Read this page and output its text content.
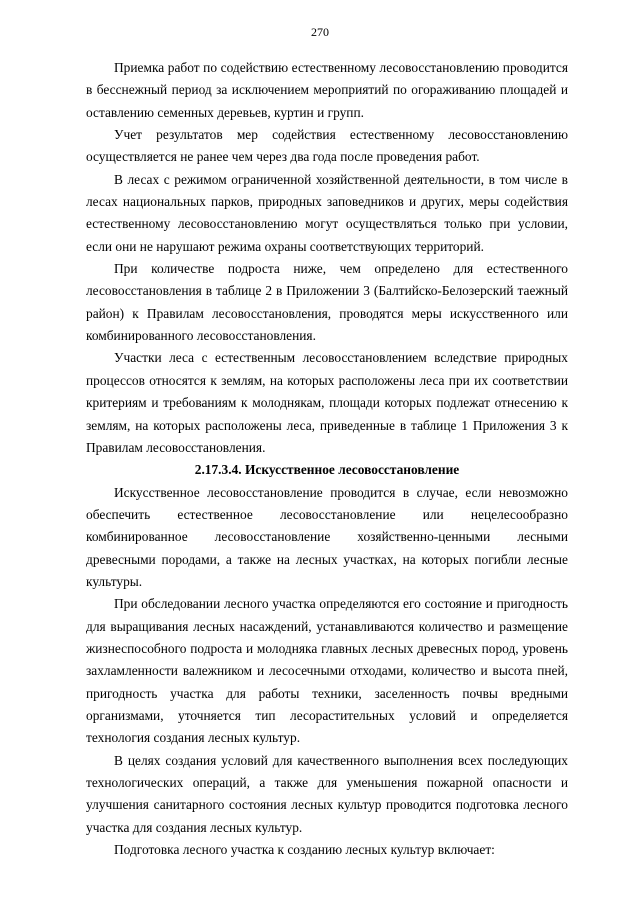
270

Приемка работ по содействию естественному лесовосстановлению проводится в бесснежный период за исключением мероприятий по огораживанию площадей и оставлению семенных деревьев, куртин и групп.

Учет результатов мер содействия естественному лесовосстановлению осуществляется не ранее чем через два года после проведения работ.

В лесах с режимом ограниченной хозяйственной деятельности, в том числе в лесах национальных парков, природных заповедников и других, меры содействия естественному лесовосстановлению могут осуществляться только при условии, если они не нарушают режима охраны соответствующих территорий.

При количестве подроста ниже, чем определено для естественного лесовосстановления в таблице 2 в Приложении 3 (Балтийско-Белозерский таежный район) к Правилам лесовосстановления, проводятся меры искусственного или комбинированного лесовосстановления.

Участки леса с естественным лесовосстановлением вследствие природных процессов относятся к землям, на которых расположены леса при их соответствии критериям и требованиям к молоднякам, площади которых подлежат отнесению к землям, на которых расположены леса, приведенные в таблице 1 Приложения 3 к Правилам лесовосстановления.

2.17.3.4. Искусственное лесовосстановление

Искусственное лесовосстановление проводится в случае, если невозможно обеспечить естественное лесовосстановление или нецелесообразно комбинированное лесовосстановление хозяйственно-ценными лесными древесными породами, а также на лесных участках, на которых погибли лесные культуры.

При обследовании лесного участка определяются его состояние и пригодность для выращивания лесных насаждений, устанавливаются количество и размещение жизнеспособного подроста и молодняка главных лесных древесных пород, уровень захламленности валежником и лесосечными отходами, количество и высота пней, пригодность участка для работы техники, заселенность почвы вредными организмами, уточняется тип лесорастительных условий и определяется технология создания лесных культур.

В целях создания условий для качественного выполнения всех последующих технологических операций, а также для уменьшения пожарной опасности и улучшения санитарного состояния лесных культур проводится подготовка лесного участка для создания лесных культур.

Подготовка лесного участка к созданию лесных культур включает:
